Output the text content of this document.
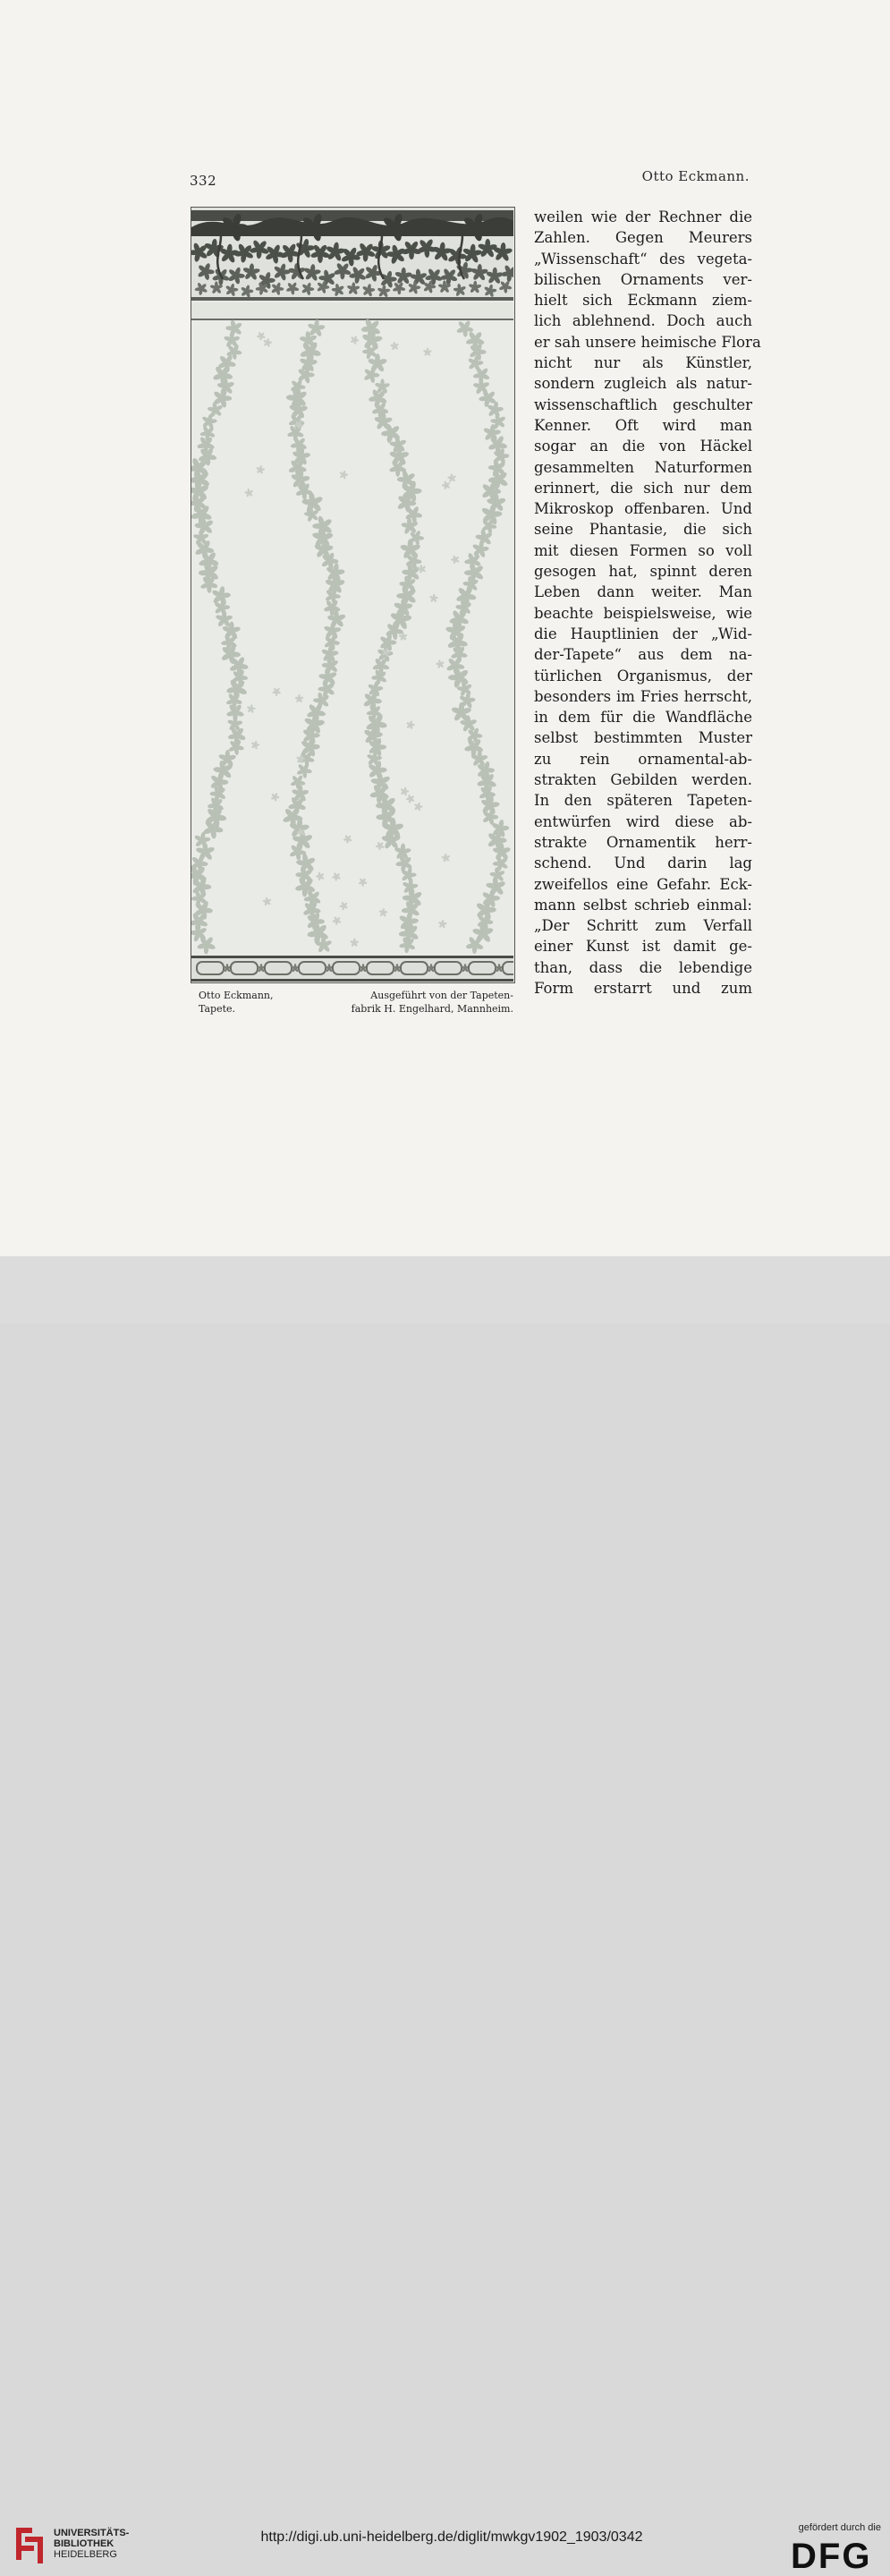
332	Otto Eckmann.
Otto Eckmann,
Tapete.
Ausgeführt von der Tapeten-
fabrik H. Engelhard, Mannheim.
weilen wie der Rechner die
Zahlen. Gegen Meurers
„Wissenschaft“ des vegeta-
bilischen Ornaments ver-
hielt sich Eckmann ziem-
lich ablehnend. Doch auch
er sah unsere heimische Flora
nicht nur als Künstler,
sondern zugleich als natur-
wissenschaftlich geschulter
Kenner. Oft wird man
sogar an die von Häckel
gesammelten Naturformen
erinnert, die sich nur dem
Mikroskop offenbaren. Und
seine Phantasie, die sich
mit diesen Formen so voll
gesogen hat, spinnt deren
Leben dann weiter. Man
beachte beispielsweise, wie
die Hauptlinien der „Wid-
der-Tapete“ aus dem na-
türlichen Organismus, der
besonders im Fries herrscht,
in dem für die Wandfläche
selbst bestimmten Muster
zu rein ornamental-ab-
strakten Gebilden werden.
In den späteren Tapeten-
entwürfen wird diese ab-
strakte Ornamentik herr-
schend. Und darin lag
zweifellos eine Gefahr. Eck-
mann selbst schrieb einmal:
„Der Schritt zum Verfall
einer Kunst ist damit ge-
than, dass die lebendige
Form erstarrt und zum
UNIVERSITÄTS-
BIBLIOTHEK
HEIDELBERG
http://digi.ub.uni-heidelberg.de/diglit/mwkgv1902_1903/0342
gefördert durch die
DFG
